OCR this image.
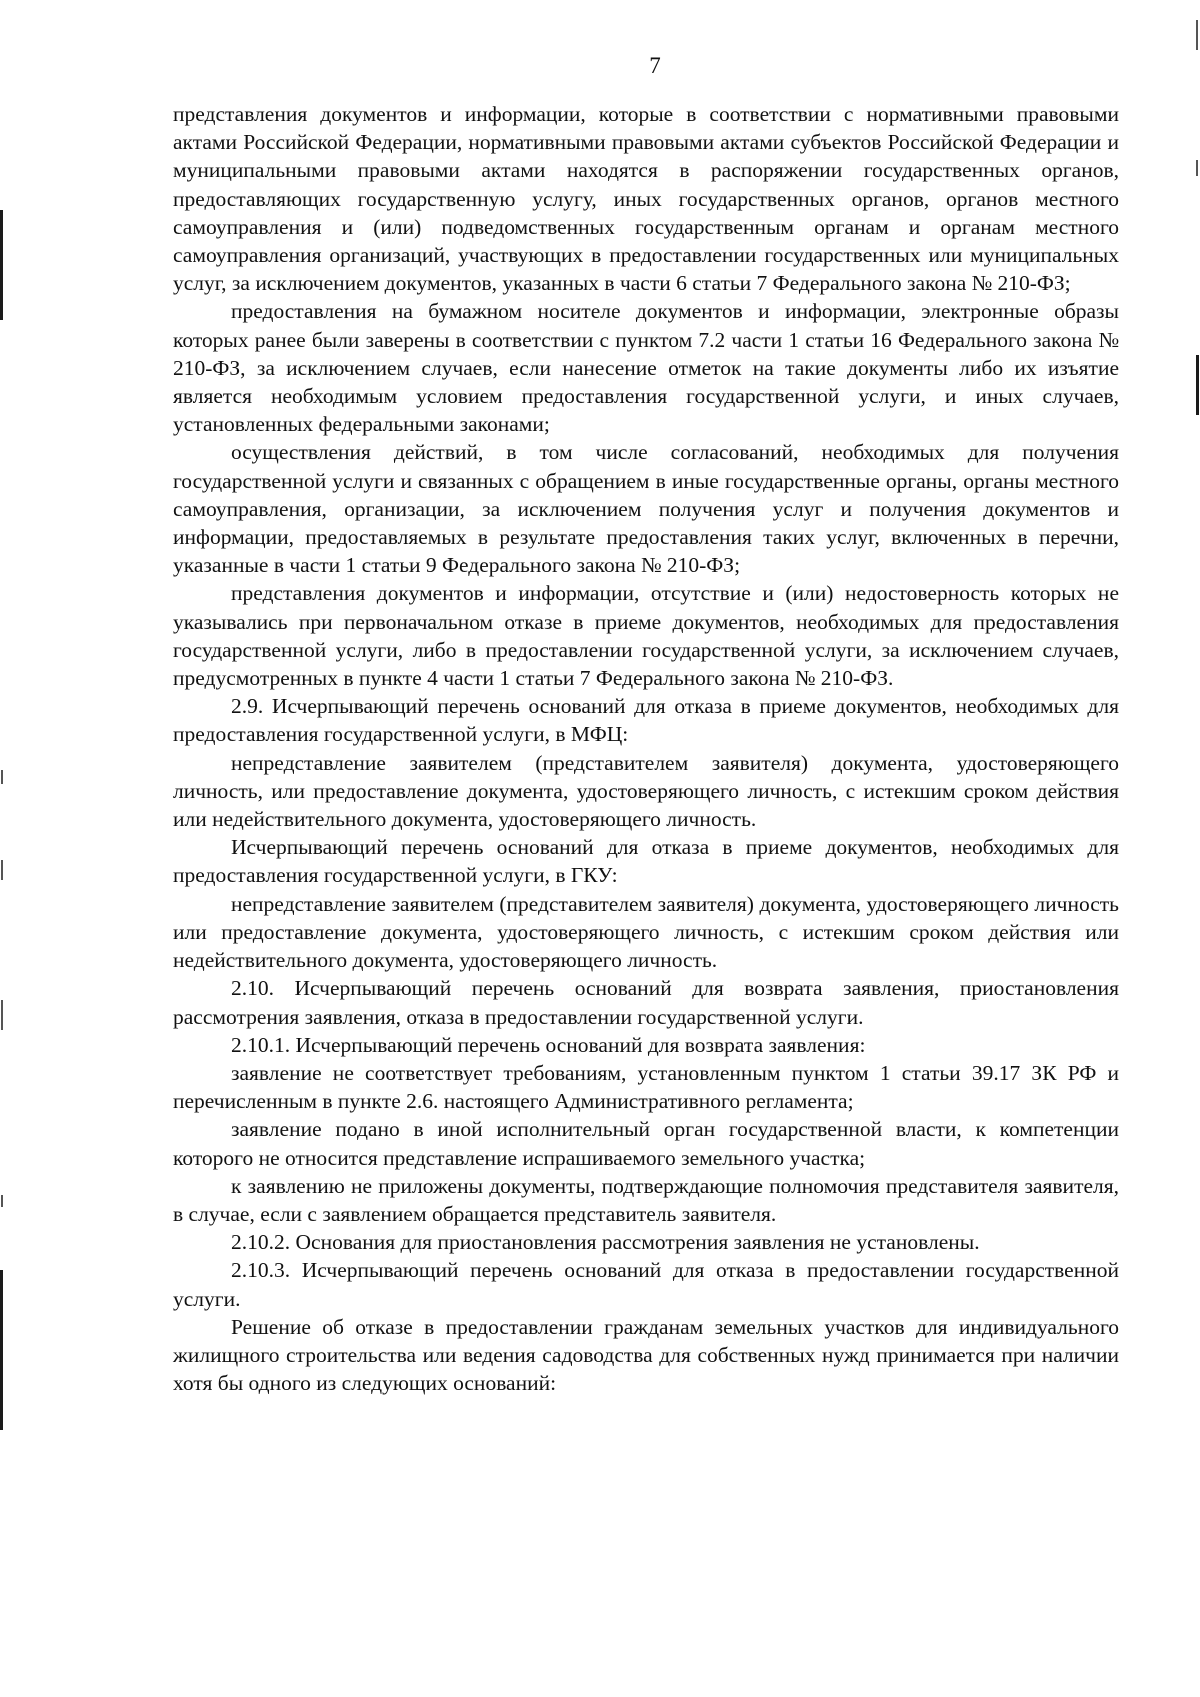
7

представления документов и информации, которые в соответствии с нормативными правовыми актами Российской Федерации, нормативными правовыми актами субъектов Российской Федерации и муниципальными правовыми актами находятся в распоряжении государственных органов, предоставляющих государственную услугу, иных государственных органов, органов местного самоуправления и (или) подведомственных государственным органам и органам местного самоуправления организаций, участвующих в предоставлении государственных или муниципальных услуг, за исключением документов, указанных в части 6 статьи 7 Федерального закона № 210-ФЗ;

предоставления на бумажном носителе документов и информации, электронные образы которых ранее были заверены в соответствии с пунктом 7.2 части 1 статьи 16 Федерального закона № 210-ФЗ, за исключением случаев, если нанесение отметок на такие документы либо их изъятие является необходимым условием предоставления государственной услуги, и иных случаев, установленных федеральными законами;

осуществления действий, в том числе согласований, необходимых для получения государственной услуги и связанных с обращением в иные государственные органы, органы местного самоуправления, организации, за исключением получения услуг и получения документов и информации, предоставляемых в результате предоставления таких услуг, включенных в перечни, указанные в части 1 статьи 9 Федерального закона № 210-ФЗ;

представления документов и информации, отсутствие и (или) недостоверность которых не указывались при первоначальном отказе в приеме документов, необходимых для предоставления государственной услуги, либо в предоставлении государственной услуги, за исключением случаев, предусмотренных в пункте 4 части 1 статьи 7 Федерального закона № 210-ФЗ.

2.9. Исчерпывающий перечень оснований для отказа в приеме документов, необходимых для предоставления государственной услуги, в МФЦ:

непредставление заявителем (представителем заявителя) документа, удостоверяющего личность, или предоставление документа, удостоверяющего личность, с истекшим сроком действия или недействительного документа, удостоверяющего личность.

Исчерпывающий перечень оснований для отказа в приеме документов, необходимых для предоставления государственной услуги, в ГКУ:

непредставление заявителем (представителем заявителя) документа, удостоверяющего личность или предоставление документа, удостоверяющего личность, с истекшим сроком действия или недействительного документа, удостоверяющего личность.

2.10. Исчерпывающий перечень оснований для возврата заявления, приостановления рассмотрения заявления, отказа в предоставлении государственной услуги.

2.10.1. Исчерпывающий перечень оснований для возврата заявления:

заявление не соответствует требованиям, установленным пунктом 1 статьи 39.17 ЗК РФ и перечисленным в пункте 2.6. настоящего Административного регламента;

заявление подано в иной исполнительный орган государственной власти, к компетенции которого не относится представление испрашиваемого земельного участка;

к заявлению не приложены документы, подтверждающие полномочия представителя заявителя, в случае, если с заявлением обращается представитель заявителя.

2.10.2. Основания для приостановления рассмотрения заявления не установлены.

2.10.3. Исчерпывающий перечень оснований для отказа в предоставлении государственной услуги.

Решение об отказе в предоставлении гражданам земельных участков для индивидуального жилищного строительства или ведения садоводства для собственных нужд принимается при наличии хотя бы одного из следующих оснований:
